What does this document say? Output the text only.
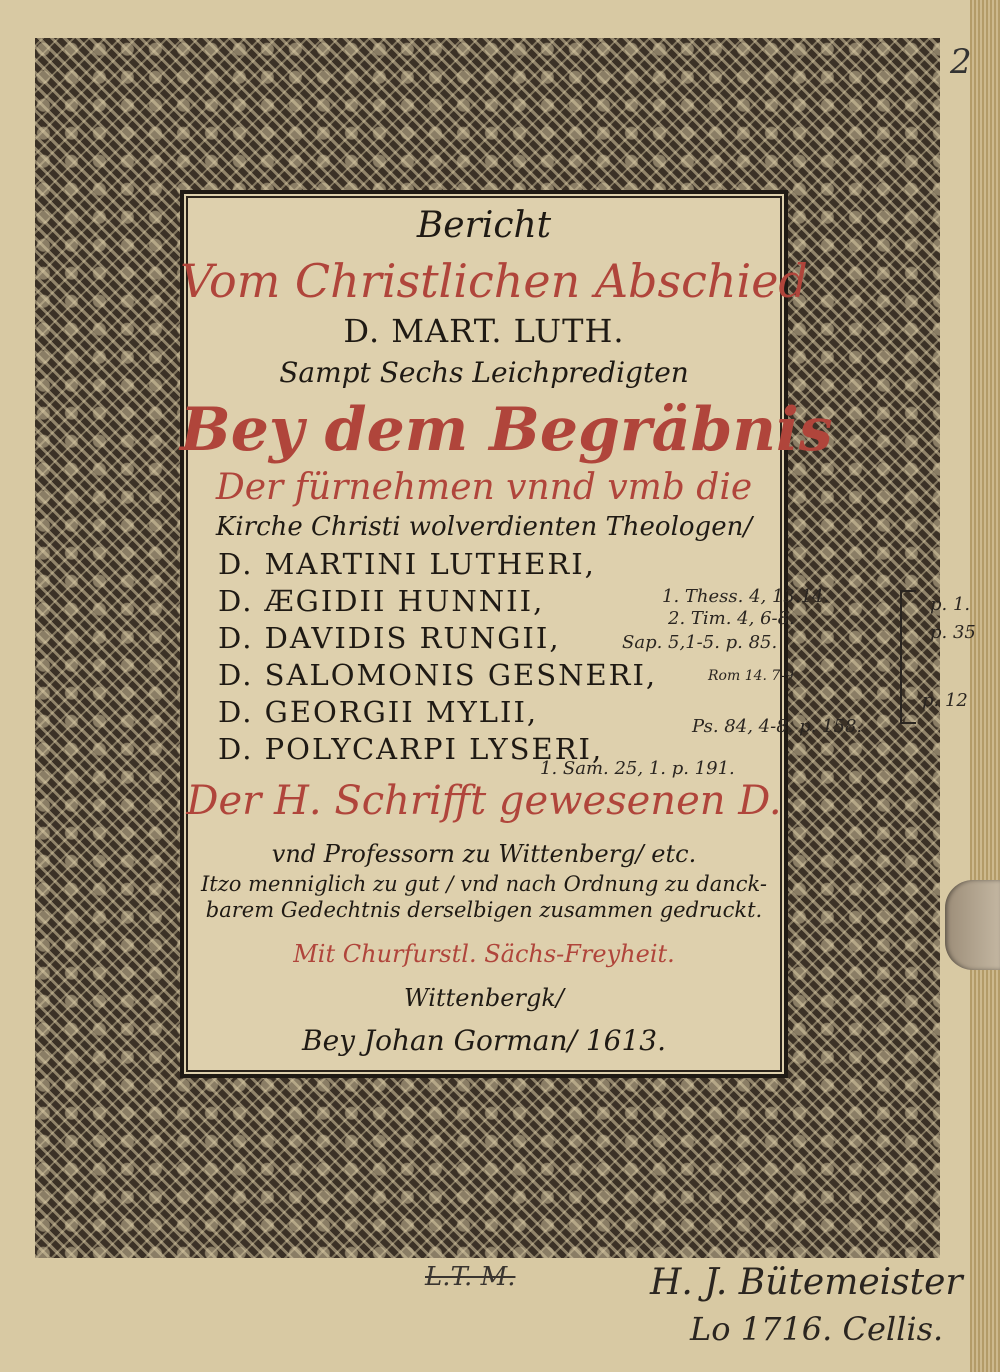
2
Bericht
Vom Christlichen Abschied
D. MART. LUTH.
Sampt Sechs Leichpredigten
Bey dem Begräbnis
Der fürnehmen vnnd vmb die
Kirche Christi wolverdienten Theologen/
D. MARTINI LUTHERI,
D. ÆGIDII HUNNII,
D. DAVIDIS RUNGII,
D. SALOMONIS GESNERI,
D. GEORGII MYLII,
D. POLYCARPI LYSERI,
Der H. Schrifft gewesenen D.
vnd Professorn zu Wittenberg/ etc.
Itzo menniglich zu gut / vnd nach Ordnung zu danck-
barem Gedechtnis derselbigen zusammen gedruckt.
Mit Churfurstl. Sächs-Freyheit.
Wittenbergk/
Bey Johan Gorman/ 1613.
1. Thess. 4, 13.14.
2. Tim. 4, 6-8.
Sap. 5,1-5. p. 85.
Rom 14. 7-9
Ps. 84, 4-8. p. 158.
1. Sam. 25, 1. p. 191.
p. 1.
p. 35
p. 12
L.T. M.	H. J. Bütemeister
Lo 1716. Cellis.
